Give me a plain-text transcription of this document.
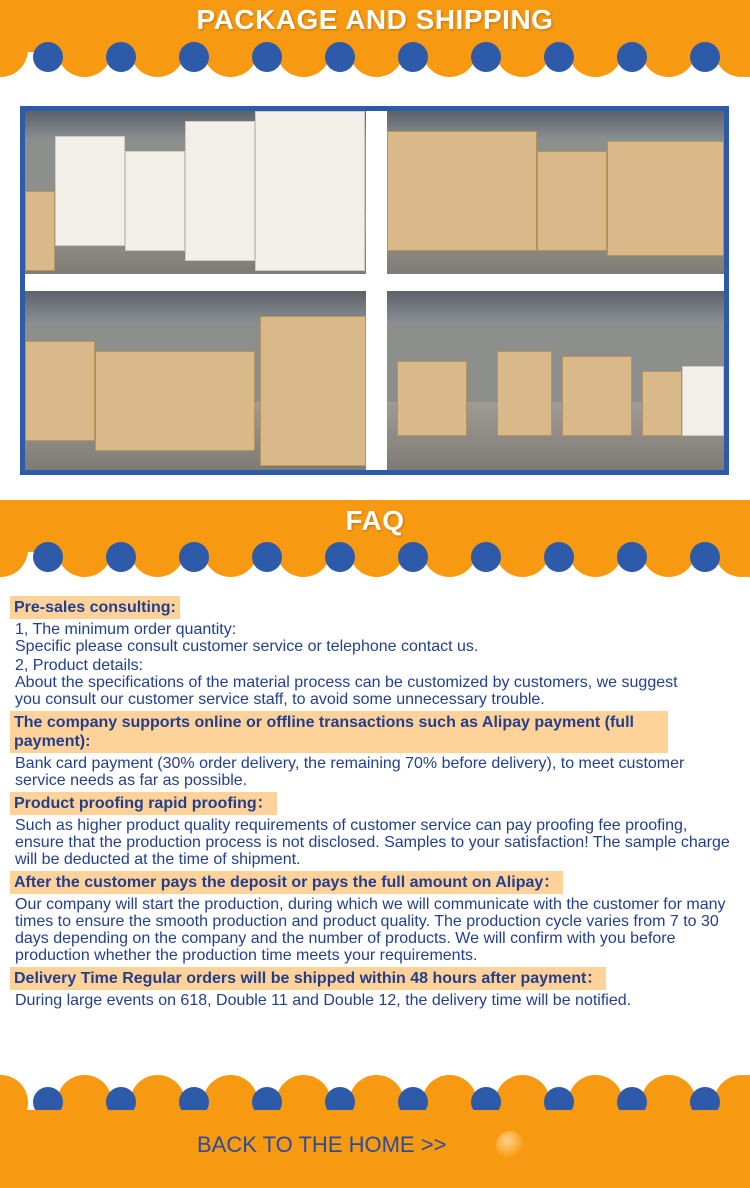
PACKAGE AND SHIPPING
FAQ
Pre-sales consulting:
1, The minimum order quantity:
Specific please consult customer service or telephone contact us.
2, Product details:
About the specifications of the material process can be customized by customers, we suggest you consult our customer service staff, to avoid some unnecessary trouble.
The company supports online or offline transactions such as Alipay payment (full payment):
Bank card payment (30% order delivery, the remaining 70% before delivery), to meet customer service needs as far as possible.
Product proofing rapid proofing：
Such as higher product quality requirements of customer service can pay proofing fee proofing, ensure that the production process is not disclosed. Samples to your satisfaction! The sample charge will be deducted at the time of shipment.
After the customer pays the deposit or pays the full amount on Alipay：
Our company will start the production, during which we will communicate with the customer for many times to ensure the smooth production and product quality. The production cycle varies from 7 to 30 days depending on the company and the number of products. We will confirm with you before production whether the production time meets your requirements.
Delivery Time Regular orders will be shipped within 48 hours after payment：
During large events on 618, Double 11 and Double 12, the delivery time will be notified.
BACK TO THE HOME >>
